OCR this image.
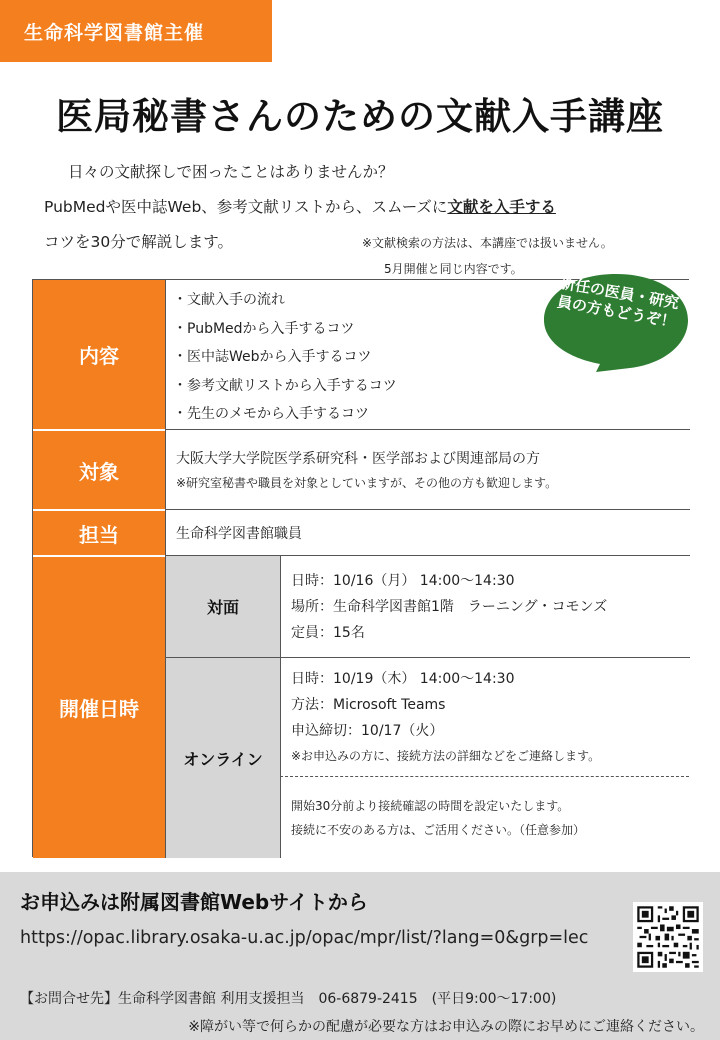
生命科学図書館主催
医局秘書さんのための文献入手講座
日々の文献探しで困ったことはありませんか？
PubMedや医中誌Web、参考文献リストから、スムーズに文献を入手する
コツを30分で解説します。	※文献検索の方法は、本講座では扱いません。
5月開催と同じ内容です。
内容
・文献入手の流れ
・PubMedから入手するコツ
・医中誌Webから入手するコツ
・参考文献リストから入手するコツ
・先生のメモから入手するコツ
対象
大阪大学大学院医学系研究科・医学部および関連部局の方
※研究室秘書や職員を対象としていますが、その他の方も歓迎します。
担当	生命科学図書館職員
開催日時
対面
日時：10/16（月） 14:00～14:30
場所：生命科学図書館1階　ラーニング・コモンズ
定員：15名
オンライン
日時：10/19（木） 14:00～14:30
方法：Microsoft Teams
申込締切：10/17（火）
※お申込みの方に、接続方法の詳細などをご連絡します。
開始30分前より接続確認の時間を設定いたします。
接続に不安のある方は、ご活用ください。（任意参加）
新任の医員・研究員の方もどうぞ！
お申込みは附属図書館Webサイトから
https://opac.library.osaka-u.ac.jp/opac/mpr/list/?lang=0&grp=lec
【お問合せ先】生命科学図書館 利用支援担当　06-6879-2415　(平日9:00～17:00)
※障がい等で何らかの配慮が必要な方はお申込みの際にお早めにご連絡ください。
